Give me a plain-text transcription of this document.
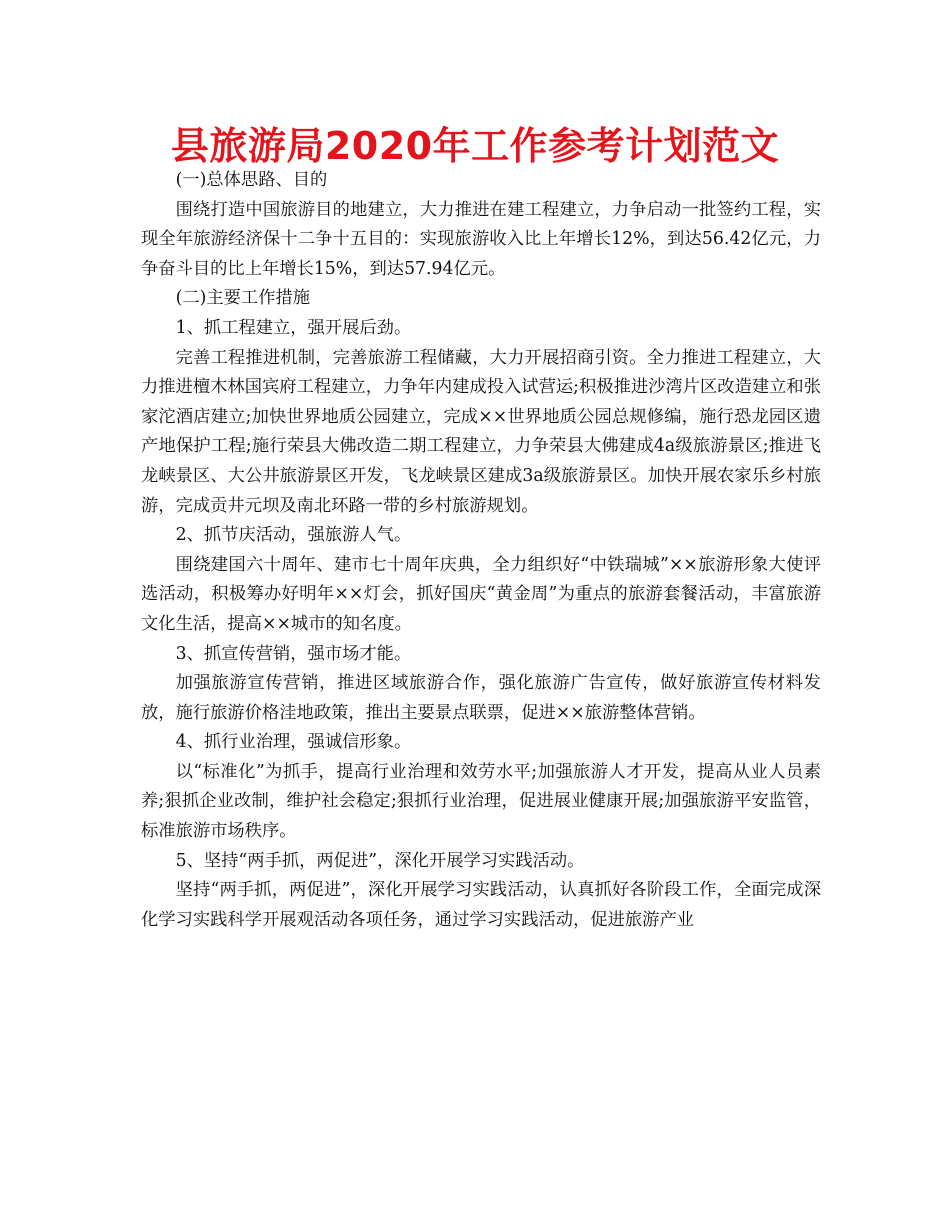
县旅游局2020年工作参考计划范文

(一)总体思路、目的

围绕打造中国旅游目的地建立，大力推进在建工程建立，力争启动一批签约工程，实现全年旅游经济保十二争十五目的：实现旅游收入比上年增长12%，到达56.42亿元，力争奋斗目的比上年增长15%，到达57.94亿元。

(二)主要工作措施

1、抓工程建立，强开展后劲。

完善工程推进机制，完善旅游工程储藏，大力开展招商引资。全力推进工程建立，大力推进檀木林国宾府工程建立，力争年内建成投入试营运;积极推进沙湾片区改造建立和张家沱酒店建立;加快世界地质公园建立，完成××世界地质公园总规修编，施行恐龙园区遗产地保护工程;施行荣县大佛改造二期工程建立，力争荣县大佛建成4a级旅游景区;推进飞龙峡景区、大公井旅游景区开发，飞龙峡景区建成3a级旅游景区。加快开展农家乐乡村旅游，完成贡井元坝及南北环路一带的乡村旅游规划。

2、抓节庆活动，强旅游人气。

围绕建国六十周年、建市七十周年庆典，全力组织好“中铁瑞城”××旅游形象大使评选活动，积极筹办好明年××灯会，抓好国庆“黄金周”为重点的旅游套餐活动，丰富旅游文化生活，提高××城市的知名度。

3、抓宣传营销，强市场才能。

加强旅游宣传营销，推进区域旅游合作，强化旅游广告宣传，做好旅游宣传材料发放，施行旅游价格洼地政策，推出主要景点联票，促进××旅游整体营销。

4、抓行业治理，强诚信形象。

以“标准化”为抓手，提高行业治理和效劳水平;加强旅游人才开发，提高从业人员素养;狠抓企业改制，维护社会稳定;狠抓行业治理，促进展业健康开展;加强旅游平安监管，标准旅游市场秩序。

5、坚持“两手抓，两促进”，深化开展学习实践活动。

坚持“两手抓，两促进”，深化开展学习实践活动，认真抓好各阶段工作，全面完成深化学习实践科学开展观活动各项任务，通过学习实践活动，促进旅游产业
